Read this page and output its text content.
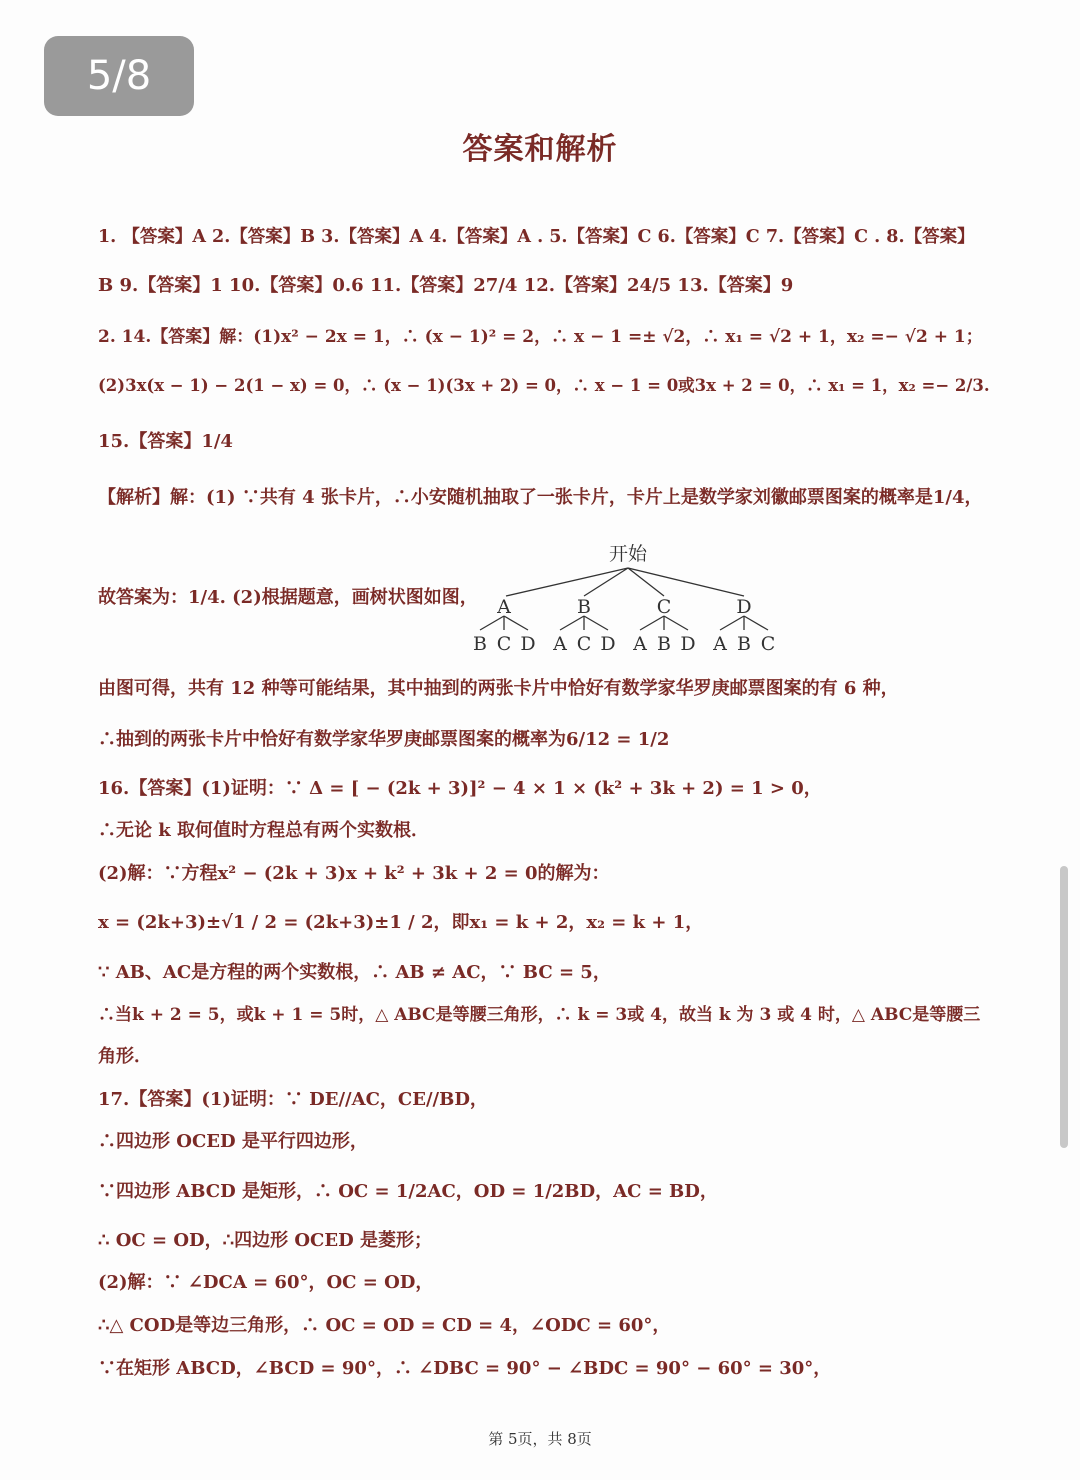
5/8
答案和解析
1. 【答案】A 2.【答案】B 3.【答案】A 4.【答案】A . 5.【答案】C 6.【答案】C 7.【答案】C . 8.【答案】
B 9.【答案】1 10.【答案】0.6 11.【答案】27/4 12.【答案】24/5 13.【答案】9
2. 14.【答案】解：(1)x² − 2x = 1，∴ (x − 1)² = 2，∴ x − 1 =± √2，∴ x₁ = √2 + 1，x₂ =− √2 + 1；
(2)3x(x − 1) − 2(1 − x) = 0，∴ (x − 1)(3x + 2) = 0，∴ x − 1 = 0或3x + 2 = 0，∴ x₁ = 1，x₂ =− 2/3.
15.【答案】1/4
【解析】解：(1) ∵共有 4 张卡片，∴小安随机抽取了一张卡片，卡片上是数学家刘徽邮票图案的概率是1/4，
故答案为：1/4. (2)根据题意，画树状图如图，
开始
A	B	C	D
B C D A C D A B D A B C
由图可得，共有 12 种等可能结果，其中抽到的两张卡片中恰好有数学家华罗庚邮票图案的有 6 种，
∴抽到的两张卡片中恰好有数学家华罗庚邮票图案的概率为6/12 = 1/2
16.【答案】(1)证明：∵ Δ = [ − (2k + 3)]² − 4 × 1 × (k² + 3k + 2) = 1 > 0，
∴无论 k 取何值时方程总有两个实数根．
(2)解：∵方程x² − (2k + 3)x + k² + 3k + 2 = 0的解为：
x = (2k+3)±√1 / 2 = (2k+3)±1 / 2，即x₁ = k + 2，x₂ = k + 1，
∵ AB、AC是方程的两个实数根，∴ AB ≠ AC，∵ BC = 5，
∴当k + 2 = 5，或k + 1 = 5时，△ ABC是等腰三角形，∴ k = 3或 4，故当 k 为 3 或 4 时，△ ABC是等腰三
角形．
17.【答案】(1)证明：∵ DE//AC，CE//BD，
∴四边形 OCED 是平行四边形，
∵四边形 ABCD 是矩形，∴ OC = 1/2AC，OD = 1/2BD，AC = BD，
∴ OC = OD，∴四边形 OCED 是菱形；
(2)解：∵ ∠DCA = 60°，OC = OD，
∴△ COD是等边三角形，∴ OC = OD = CD = 4，∠ODC = 60°，
∵在矩形 ABCD，∠BCD = 90°，∴ ∠DBC = 90° − ∠BDC = 90° − 60° = 30°，
第 5页，共 8页
